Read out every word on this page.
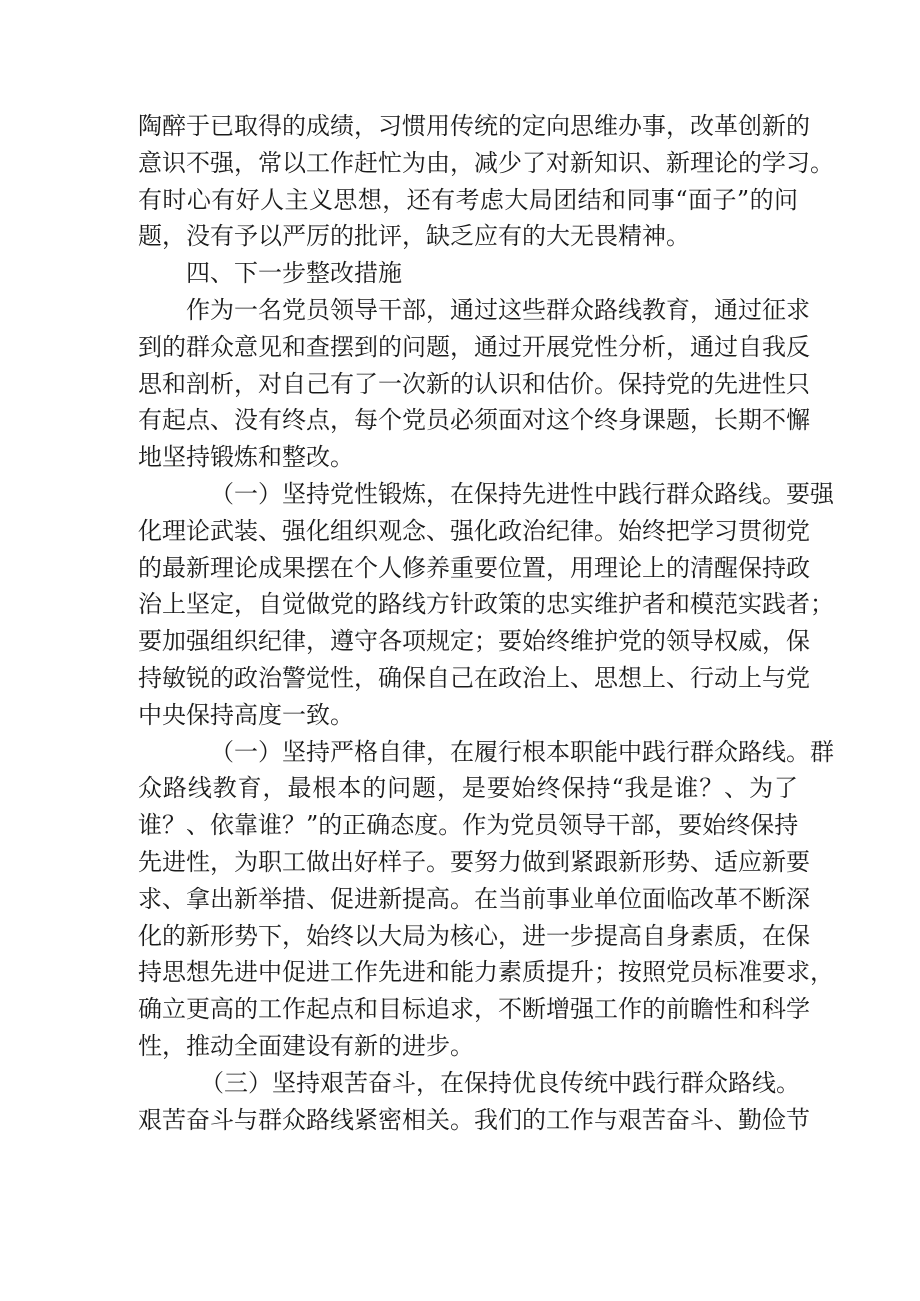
陶醉于已取得的成绩，习惯用传统的定向思维办事，改革创新的
意识不强，常以工作赶忙为由，减少了对新知识、新理论的学习。
有时心有好人主义思想，还有考虑大局团结和同事“面子”的问
题，没有予以严厉的批评，缺乏应有的大无畏精神。
四、下一步整改措施
作为一名党员领导干部，通过这些群众路线教育，通过征求
到的群众意见和查摆到的问题，通过开展党性分析，通过自我反
思和剖析，对自己有了一次新的认识和估价。保持党的先进性只
有起点、没有终点，每个党员必须面对这个终身课题，长期不懈
地坚持锻炼和整改。
（一）坚持党性锻炼，在保持先进性中践行群众路线。要强
化理论武装、强化组织观念、强化政治纪律。始终把学习贯彻党
的最新理论成果摆在个人修养重要位置，用理论上的清醒保持政
治上坚定，自觉做党的路线方针政策的忠实维护者和模范实践者；
要加强组织纪律，遵守各项规定；要始终维护党的领导权威，保
持敏锐的政治警觉性，确保自己在政治上、思想上、行动上与党
中央保持高度一致。
（一）坚持严格自律，在履行根本职能中践行群众路线。群
众路线教育，最根本的问题，是要始终保持“我是谁？、为了
谁？、依靠谁？”的正确态度。作为党员领导干部，要始终保持
先进性，为职工做出好样子。要努力做到紧跟新形势、适应新要
求、拿出新举措、促进新提高。在当前事业单位面临改革不断深
化的新形势下，始终以大局为核心，进一步提高自身素质，在保
持思想先进中促进工作先进和能力素质提升；按照党员标准要求，
确立更高的工作起点和目标追求，不断增强工作的前瞻性和科学
性，推动全面建设有新的进步。
（三）坚持艰苦奋斗，在保持优良传统中践行群众路线。
艰苦奋斗与群众路线紧密相关。我们的工作与艰苦奋斗、勤俭节
